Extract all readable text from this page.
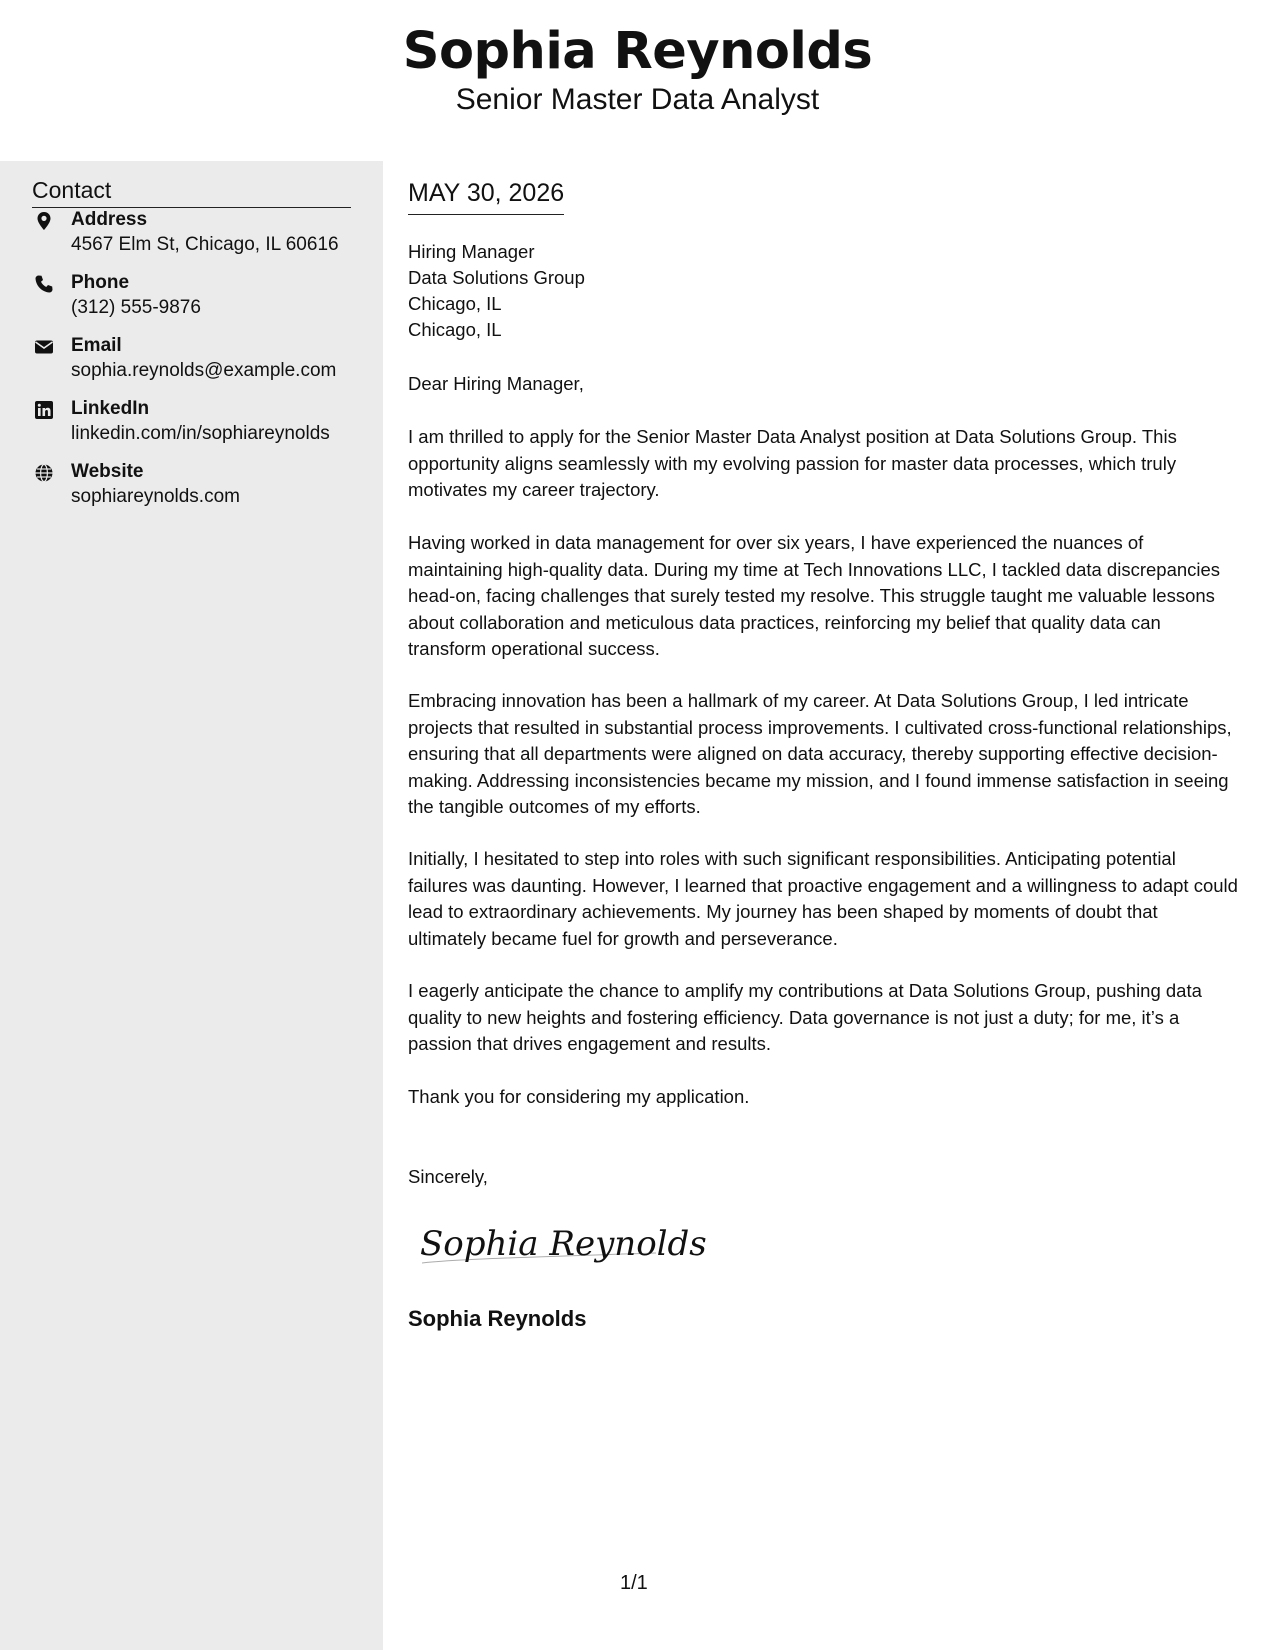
Sophia Reynolds
Senior Master Data Analyst
Contact
Address
4567 Elm St, Chicago, IL 60616
Phone
(312) 555-9876
Email
sophia.reynolds@example.com
LinkedIn
linkedin.com/in/sophiareynolds
Website
sophiareynolds.com
MAY 30, 2026
Hiring Manager
Data Solutions Group
Chicago, IL
Chicago, IL
Dear Hiring Manager,
I am thrilled to apply for the Senior Master Data Analyst position at Data Solutions Group. This opportunity aligns seamlessly with my evolving passion for master data processes, which truly motivates my career trajectory.
Having worked in data management for over six years, I have experienced the nuances of maintaining high-quality data. During my time at Tech Innovations LLC, I tackled data discrepancies head-on, facing challenges that surely tested my resolve. This struggle taught me valuable lessons about collaboration and meticulous data practices, reinforcing my belief that quality data can transform operational success.
Embracing innovation has been a hallmark of my career. At Data Solutions Group, I led intricate projects that resulted in substantial process improvements. I cultivated cross-functional relationships, ensuring that all departments were aligned on data accuracy, thereby supporting effective decision-making. Addressing inconsistencies became my mission, and I found immense satisfaction in seeing the tangible outcomes of my efforts.
Initially, I hesitated to step into roles with such significant responsibilities. Anticipating potential failures was daunting. However, I learned that proactive engagement and a willingness to adapt could lead to extraordinary achievements. My journey has been shaped by moments of doubt that ultimately became fuel for growth and perseverance.
I eagerly anticipate the chance to amplify my contributions at Data Solutions Group, pushing data quality to new heights and fostering efficiency. Data governance is not just a duty; for me, it’s a passion that drives engagement and results.
Thank you for considering my application.
Sincerely,
Sophia Reynolds
Sophia Reynolds
1/1
